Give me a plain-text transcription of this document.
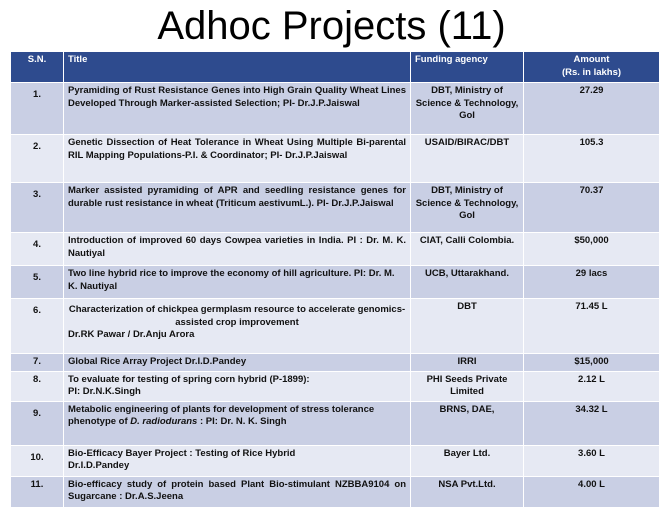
Adhoc Projects (11)
S.N.	Title	Funding agency	Amount
(Rs. in lakhs)

1.	Pyramiding of Rust Resistance Genes into High Grain Quality Wheat Lines Developed Through Marker-assisted Selection; PI- Dr.J.P.Jaiswal	DBT, Ministry of Science & Technology, GoI	27.29
2.	Genetic Dissection of Heat Tolerance in Wheat Using Multiple Bi-parental RIL Mapping Populations-P.I. & Coordinator; PI- Dr.J.P.Jaiswal	USAID/BIRAC/DBT	105.3
3.	Marker assisted pyramiding of APR and seedling resistance genes for durable rust resistance in wheat (Triticum aestivumL.). PI- Dr.J.P.Jaiswal	DBT, Ministry of Science & Technology, GoI	70.37
4.	Introduction of improved 60 days Cowpea varieties in India. PI : Dr. M. K. Nautiyal	CIAT, Calli Colombia.	$50,000
5.	Two line hybrid rice to improve the economy of hill agriculture. PI: Dr. M. K. Nautiyal	UCB, Uttarakhand.	29 lacs
6.	Characterization of chickpea germplasm resource to accelerate genomics-assisted crop improvement
Dr.RK Pawar / Dr.Anju Arora	DBT	71.45 L
7.	Global Rice Array Project Dr.I.D.Pandey	IRRI	$15,000
8.	To evaluate for testing of spring corn hybrid (P-1899):
PI: Dr.N.K.Singh	PHI Seeds Private Limited	2.12 L
9.	Metabolic engineering of plants for development of stress tolerance phenotype of D. radiodurans : PI: Dr. N. K. Singh	BRNS, DAE,	34.32 L
10.	Bio-Efficacy Bayer Project : Testing of Rice Hybrid
Dr.I.D.Pandey	Bayer Ltd.	3.60 L
11.	Bio-efficacy study of protein based Plant Bio-stimulant NZBBA9104 on Sugarcane : Dr.A.S.Jeena	NSA Pvt.Ltd.	4.00 L
